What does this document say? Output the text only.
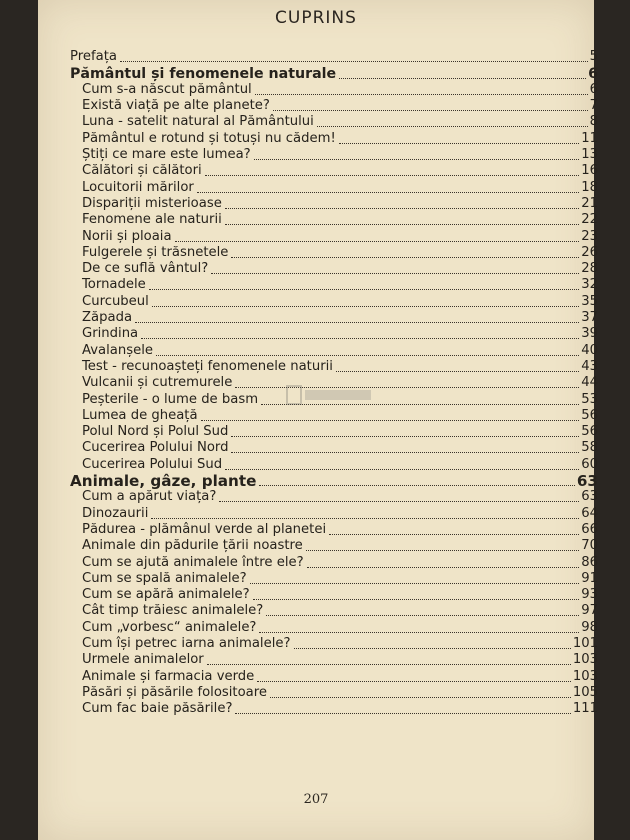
CUPRINS
Prefața	5
Pământul și fenomenele naturale	6
Cum s-a născut pământul	6
Există viață pe alte planete?	7
Luna - satelit natural al Pământului	8
Pământul e rotund și totuși nu cădem!	11
Știți ce mare este lumea?	13
Călători și călători	16
Locuitorii mărilor	18
Dispariții misterioase	21
Fenomene ale naturii	22
Norii și ploaia	23
Fulgerele și trăsnetele	26
De ce suflă vântul?	28
Tornadele	32
Curcubeul	35
Zăpada	37
Grindina	39
Avalanșele	40
Test - recunoașteți fenomenele naturii	43
Vulcanii și cutremurele	44
Peșterile - o lume de basm	53
Lumea de gheață	56
Polul Nord și Polul Sud	56
Cucerirea Polului Nord	58
Cucerirea Polului Sud	60
Animale, gâze, plante	63
Cum a apărut viața?	63
Dinozaurii	64
Pădurea - plămânul verde al planetei	66
Animale din pădurile țării noastre	70
Cum se ajută animalele între ele?	86
Cum se spală animalele?	91
Cum se apără animalele?	93
Cât timp trăiesc animalele?	97
Cum „vorbesc“ animalele?	98
Cum își petrec iarna animalele?	101
Urmele animalelor	103
Animale și farmacia verde	103
Păsări și păsările folositoare	105
Cum fac baie păsările?	111
207
